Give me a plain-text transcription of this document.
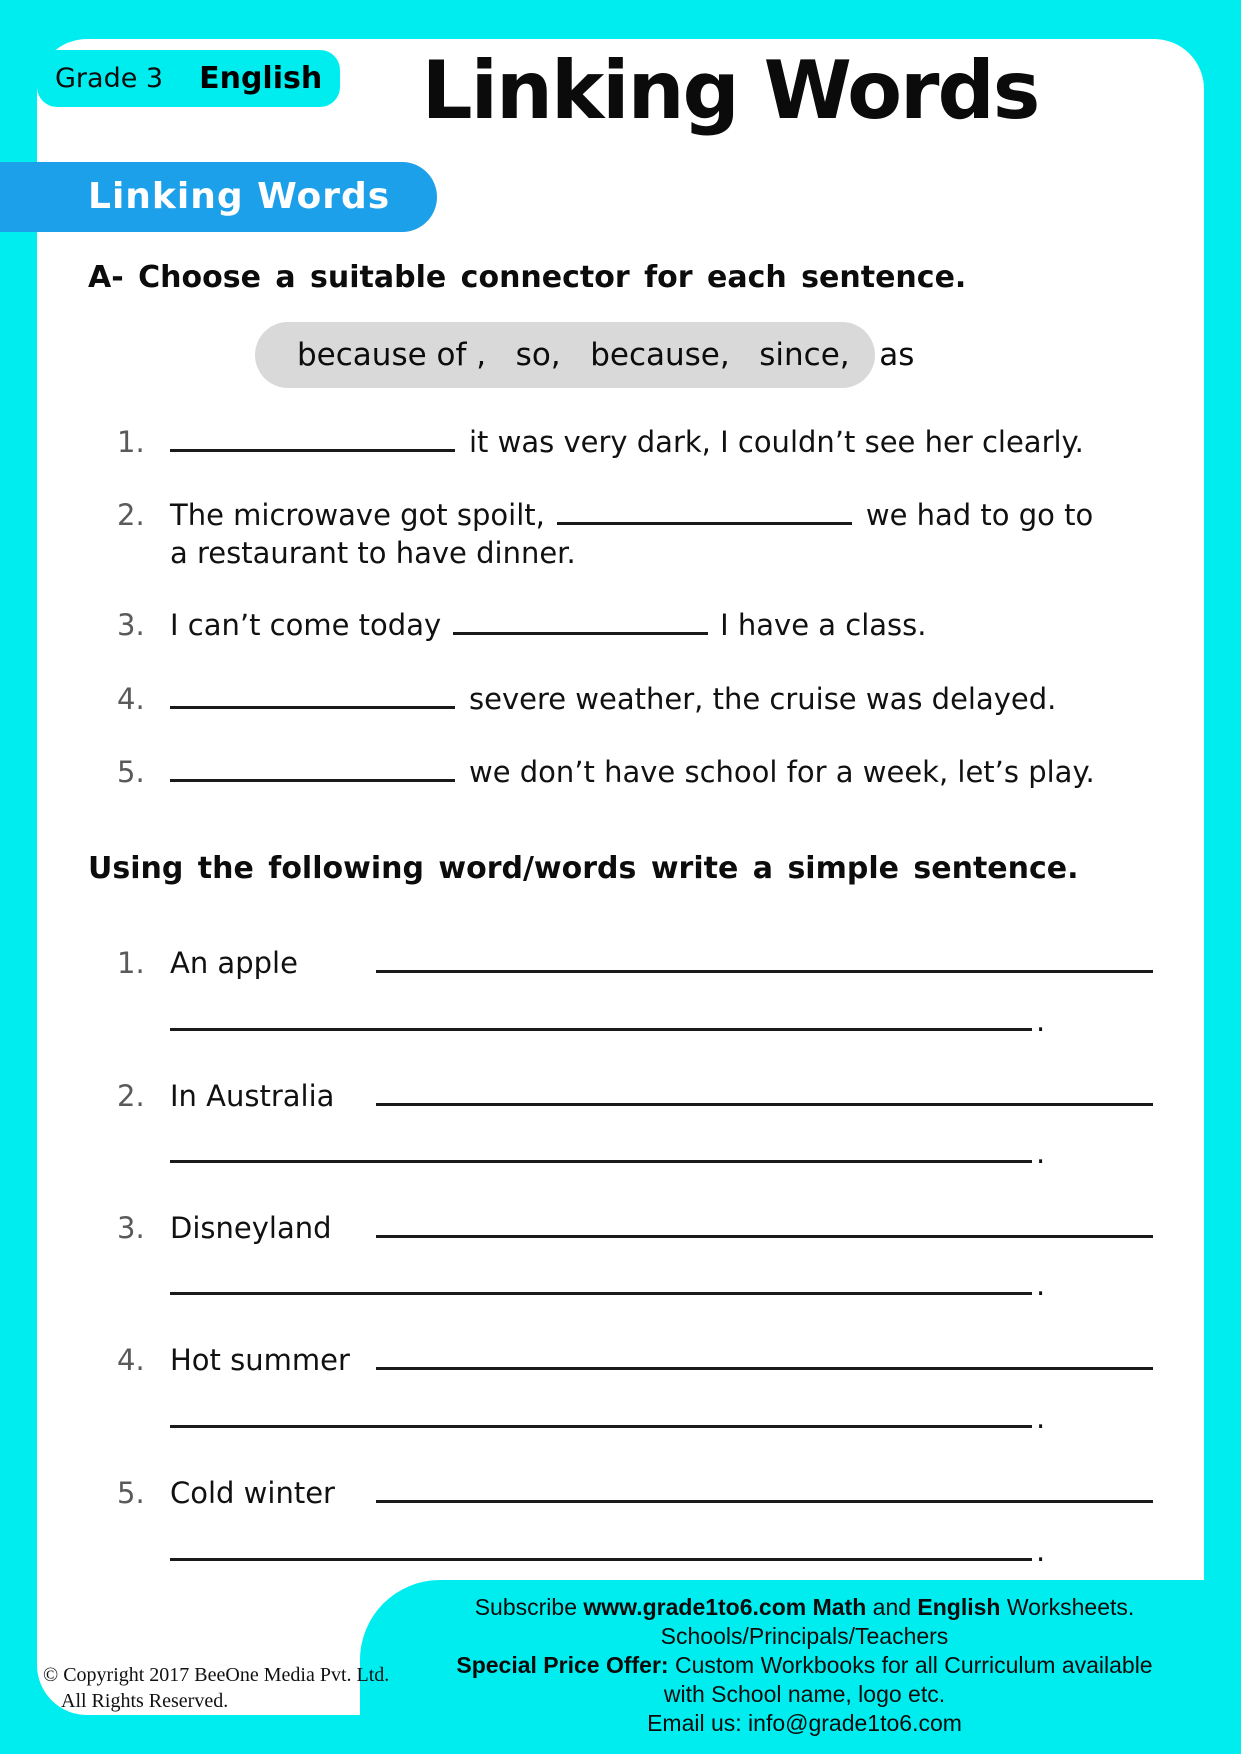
Grade 3 English	Linking Words
Linking Words
A- Choose a suitable connector for each sentence.
because of ,   so,   because,   since,   as
1.	it was very dark, I couldn’t see her clearly.
2. The microwave got spoilt,	we had to go to
a restaurant to have dinner.
3. I can’t come today	I have a class.
4.	severe weather, the cruise was delayed.
5.	we don’t have school for a week, let’s play.
Using the following word/words write a simple sentence.
1. An apple
.
2. In Australia
.
3. Disneyland
.
4. Hot summer
.
5. Cold winter
.
Subscribe www.grade1to6.com Math and English Worksheets.
Schools/Principals/Teachers
Special Price Offer: Custom Workbooks for all Curriculum available
with School name, logo etc.
Email us: info@grade1to6.com
© Copyright 2017 BeeOne Media Pvt. Ltd.
All Rights Reserved.
